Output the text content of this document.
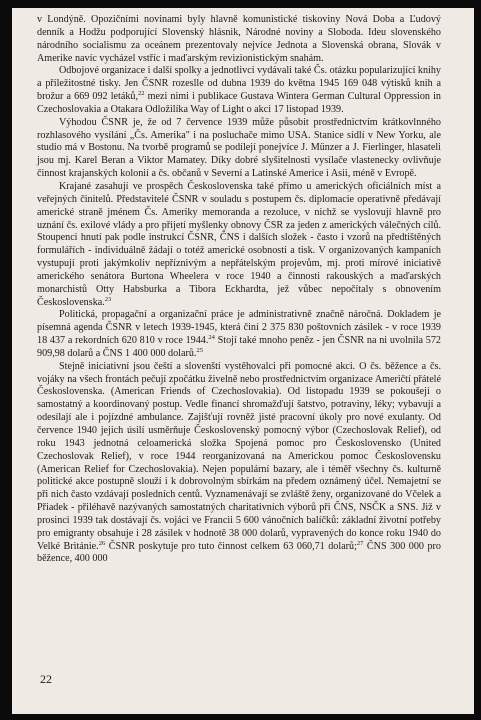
v Londýně. Opozičními novinami byly hlavně komunistické tiskoviny Nová Doba a Ľudový denník a Hodžu podporující Slovenský hlásnik, Národné noviny a Sloboda. Ideu slovenského národního socialismu za oceánem prezentovaly nejvíce Jednota a Slovenská obrana, Slovák v Amerike navíc vycházel vstříc i maďarským revizionistickým snahám.

Odbojové organizace i další spolky a jednotlivci vydávali také Čs. otázku popularizující knihy a příležitostné tisky. Jen ČSNR rozeslle od dubna 1939 do května 1945 169 048 výtisků knih a brožur a 669 092 letáků,$^{22}$ mezi nimi i publikace Gustava Wintera German Cultural Oppression in Czechoslovakia a Otakara Odložilíka Way of Light o akci 17 listopad 1939.

Výhodou ČSNR je, že od 7 července 1939 může působit prostřednictvím krátkovlnného rozhlasového vysílání „Čs. Amerika" i na posluchače mimo USA. Stanice sídlí v New Yorku, ale studio má v Bostonu. Na tvorbě programů se podílejí ponejvíce J. Münzer a J. Fierlinger, hlasateli jsou mj. Karel Beran a Viktor Mamatey. Díky dobré slyšitelnosti vysílače vlastenecky ovlivňuje činnost krajanských kolonií a čs. občanů v Severní a Latinské Americe i Asii, méně v Evropě.

Krajané zasahují ve prospěch Československa také přímo u amerických oficiálních míst a veřejných činitelů. Představitelé ČSNR v souladu s postupem čs. diplomacie operativně předávají americké straně jménem Čs. Ameriky memoranda a rezoluce, v nichž se vyslovují hlavně pro uznání čs. exilové vlády a pro přijetí myšlenky obnovy ČSR za jeden z amerických válečných cílů. Stoupenci hnutí pak podle instrukcí ČSNR, ČNS i dalších složek - často i vzorů na předtištěných formulářích - individuálně žádají o totéž americké osobnosti a tisk. V organizovaných kampaních vystupují proti jakýmkoliv nepříznivým a nepřátelským projevům, mj. proti mírové iniciativě amerického senátora Burtona Wheelera v roce 1940 a činnosti rakouských a maďarských monarchistů Otty Habsburka a Tibora Eckhardta, jež vůbec nepočítaly s obnovením Československa.$^{23}$

Politická, propagační a organizační práce je administrativně značně náročná. Dokladem je písemná agenda ČSNR v letech 1939-1945, která činí 2 375 830 poštovních zásilek - v roce 1939 18 437 a rekordních 620 810 v roce 1944.24 Stojí také mnoho peněz - jen ČSNR na ni uvolnila 572 909,98 dolarů a ČNS 1 400 000 dolarů.$^{25}$

Stejně iniciativní jsou čeští a slovenští vystěhovalci při pomocné akci. O čs. běžence a čs. vojáky na všech frontách pečují zpočátku živelně nebo prostřednictvím organizace Američtí přátelé Československa. (American Friends of Czechoslovakia). Od listopadu 1939 se pokoušejí o samostatný a koordinovaný postup. Vedle financí shromažďují šatstvo, potraviny, léky; vybavují a odesílají ale i pojízdné ambulance. Zajišťují rovněž jisté pracovní úkoly pro nové exulanty. Od července 1940 jejich úsilí usměrňuje Československý pomocný výbor (Czechoslovak Relief), od roku 1943 jednotná celoamerická složka Spojená pomoc pro Československo (United Czechoslovak Relief), v roce 1944 reorganizovaná na Americkou pomoc Československu (American Relief for Czechoslovakia). Nejen populární bazary, ale i téměř všechny čs. kulturně politické akce postupně slouží i k dobrovolným sbírkám na předem oznámený účel. Nemajetní se při nich často vzdávají posledních centů. Vyznamenávají se zvláště ženy, organizované do Včelek a Přiadek - přiléhavě nazývaných samostatných charitativních výborů při ČNS, NSČK a SNS. Již v prosinci 1939 tak dostávají čs. vojáci ve Francii 5 600 vánočních balíčků: základní životní potřeby pro emigranty obsahuje i 28 zásilek v hodnotě 38 000 dolarů, vypravených do konce roku 1940 do Velké Británie.$^{26}$ ČSNR poskytuje pro tuto činnost celkem 63 060,71 dolarů;$^{27}$ ČNS 300 000 pro běžence, 400 000

22
